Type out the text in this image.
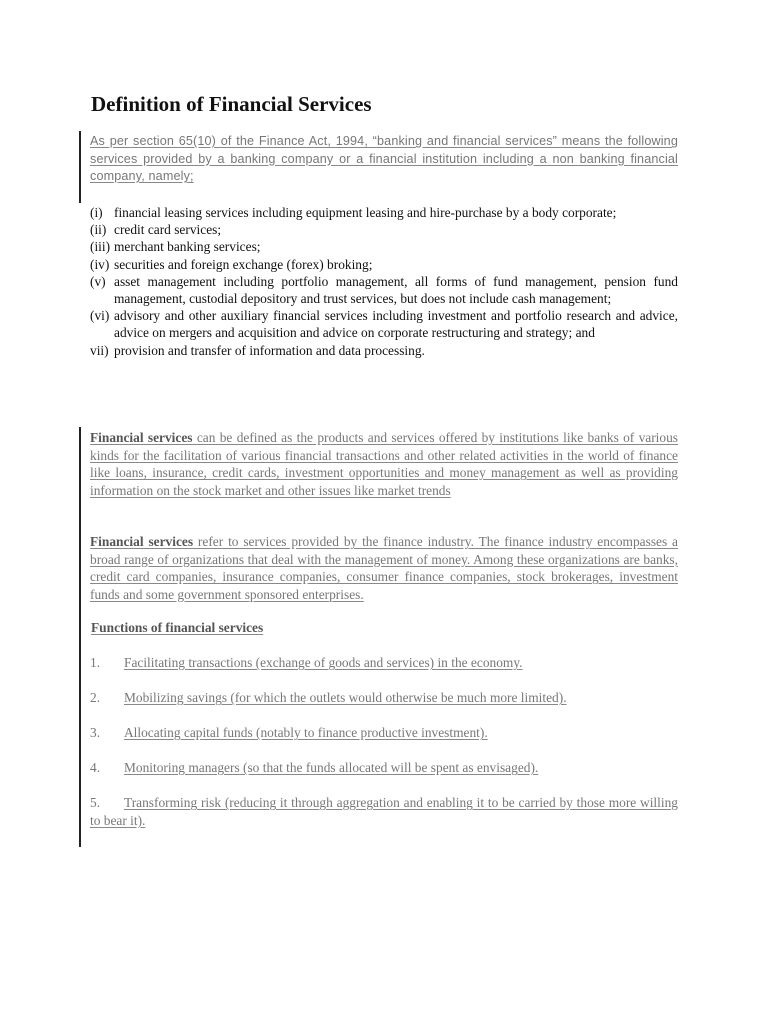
Definition of Financial Services

As per section 65(10) of the Finance Act, 1994, “banking and financial services” means the following services provided by a banking company or a financial institution including a non banking financial company, namely;

(i) financial leasing services including equipment leasing and hire-purchase by a body corporate;
(ii) credit card services;
(iii) merchant banking services;
(iv) securities and foreign exchange (forex) broking;
(v) asset management including portfolio management, all forms of fund management, pension fund management, custodial depository and trust services, but does not include cash management;
(vi) advisory and other auxiliary financial services including investment and portfolio research and advice, advice on mergers and acquisition and advice on corporate restructuring and strategy; and
vii) provision and transfer of information and data processing.

Financial services can be defined as the products and services offered by institutions like banks of various kinds for the facilitation of various financial transactions and other related activities in the world of finance like loans, insurance, credit cards, investment opportunities and money management as well as providing information on the stock market and other issues like market trends

Financial services refer to services provided by the finance industry. The finance industry encompasses a broad range of organizations that deal with the management of money. Among these organizations are banks, credit card companies, insurance companies, consumer finance companies, stock brokerages, investment funds and some government sponsored enterprises.

Functions of financial services

1. Facilitating transactions (exchange of goods and services) in the economy.

2. Mobilizing savings (for which the outlets would otherwise be much more limited).

3. Allocating capital funds (notably to finance productive investment).

4. Monitoring managers (so that the funds allocated will be spent as envisaged).

5. Transforming risk (reducing it through aggregation and enabling it to be carried by those more willing to bear it).
